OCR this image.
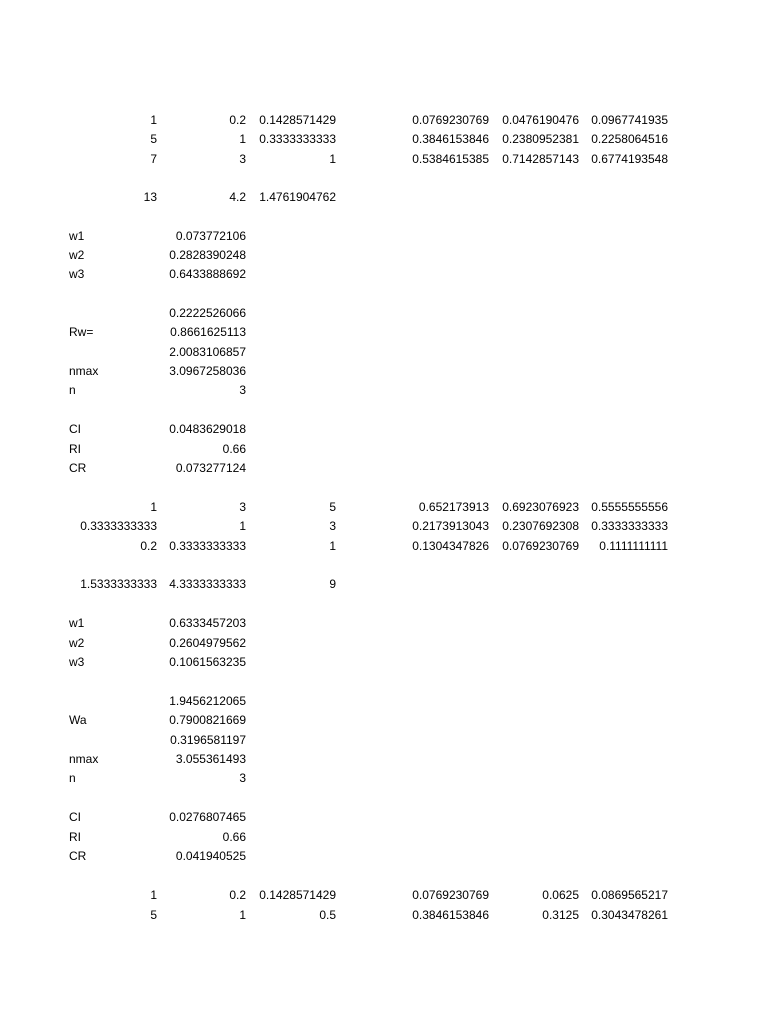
1	0.2	0.1428571429	0.0769230769	0.0476190476	0.0967741935
5	1	0.3333333333	0.3846153846	0.2380952381	0.2258064516
7	3	1	0.5384615385	0.7142857143	0.6774193548
13	4.2	1.4761904762
w1	0.073772106
w2	0.2828390248
w3	0.6433888692
0.2222526066
Rw=	0.8661625113
2.0083106857
nmax	3.0967258036
n	3
CI	0.0483629018
RI	0.66
CR	0.073277124
1	3	5	0.652173913	0.6923076923	0.5555555556
0.3333333333	1	3	0.2173913043	0.2307692308	0.3333333333
0.2	0.3333333333	1	0.1304347826	0.0769230769	0.1111111111
1.5333333333	4.3333333333	9
w1	0.6333457203
w2	0.2604979562
w3	0.1061563235
1.9456212065
Wa	0.7900821669
0.3196581197
nmax	3.055361493
n	3
CI	0.0276807465
RI	0.66
CR	0.041940525
1	0.2	0.1428571429	0.0769230769	0.0625	0.0869565217
5	1	0.5	0.3846153846	0.3125	0.3043478261
